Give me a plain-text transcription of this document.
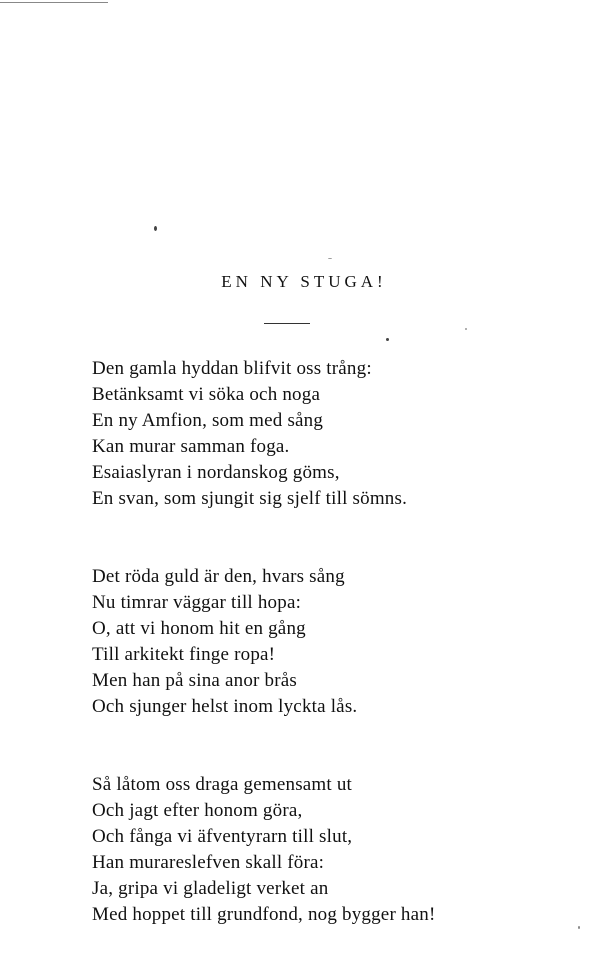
EN NY STUGA!
Den gamla hyddan blifvit oss trång:
Betänksamt vi söka och noga
En ny Amfion, som med sång
Kan murar samman foga.
Esaiaslyran i nordanskog göms,
En svan, som sjungit sig sjelf till sömns.
Det röda guld är den, hvars sång
Nu timrar väggar till hopa:
O, att vi honom hit en gång
Till arkitekt finge ropa!
Men han på sina anor brås
Och sjunger helst inom lyckta lås.
Så låtom oss draga gemensamt ut
Och jagt efter honom göra,
Och fånga vi äfventyrarn till slut,
Han murareslefven skall föra:
Ja, gripa vi gladeligt verket an
Med hoppet till grundfond, nog bygger han!
